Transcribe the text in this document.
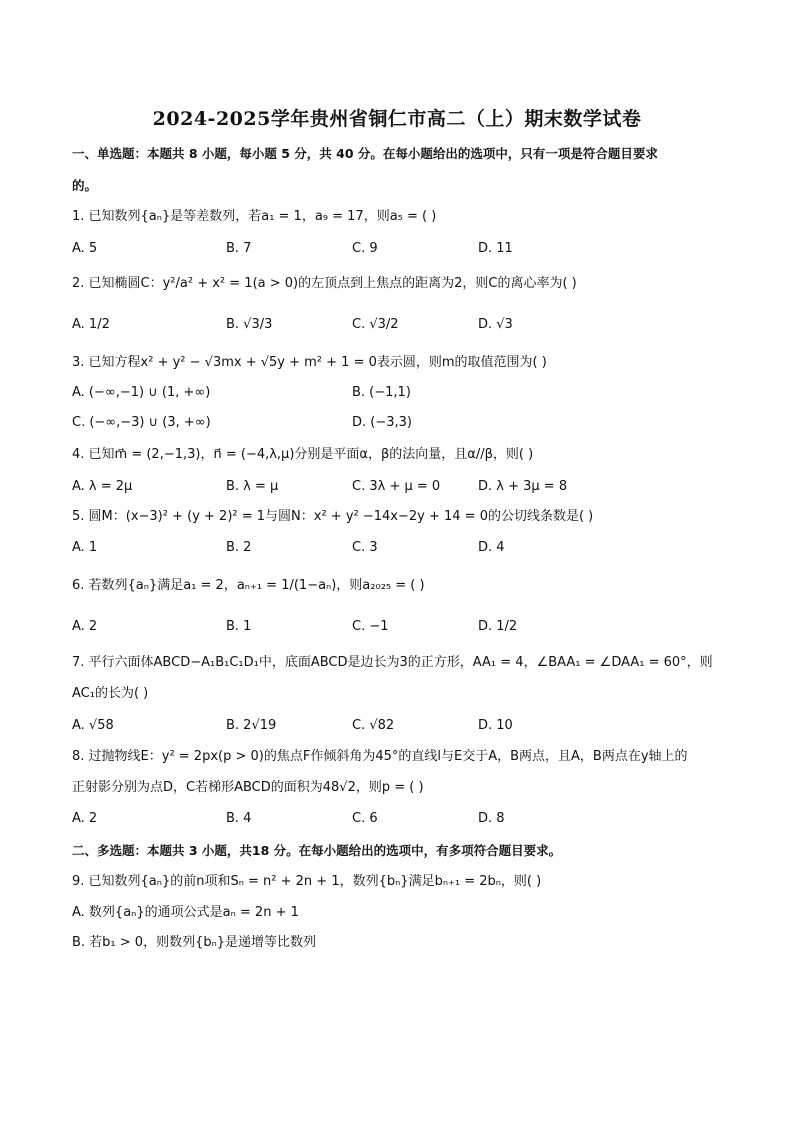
2024-2025学年贵州省铜仁市高二（上）期末数学试卷
一、单选题：本题共 8 小题，每小题 5 分，共 40 分。在每小题给出的选项中，只有一项是符合题目要求
的。
1. 已知数列{aₙ}是等差数列，若a₁ = 1，a₉ = 17，则a₅ = ( )
A. 5	B. 7	C. 9	D. 11
2. 已知椭圆C：y²/a² + x² = 1(a > 0)的左顶点到上焦点的距离为2，则C的离心率为( )
A. 1/2	B. √3/3	C. √3/2	D. √3
3. 已知方程x² + y² − √3mx + √5y + m² + 1 = 0表示圆，则m的取值范围为( )
A. (−∞,−1) ∪ (1, +∞)	B. (−1,1)
C. (−∞,−3) ∪ (3, +∞)	D. (−3,3)
4. 已知m⃗ = (2,−1,3)，n⃗ = (−4,λ,μ)分别是平面α，β的法向量，且α//β，则( )
A. λ = 2μ	B. λ = μ	C. 3λ + μ = 0	D. λ + 3μ = 8
5. 圆M：(x−3)² + (y + 2)² = 1与圆N：x² + y² −14x−2y + 14 = 0的公切线条数是( )
A. 1	B. 2	C. 3	D. 4
6. 若数列{aₙ}满足a₁ = 2，aₙ₊₁ = 1/(1−aₙ)，则a₂₀₂₅ = ( )
A. 2	B. 1	C. −1	D. 1/2
7. 平行六面体ABCD−A₁B₁C₁D₁中，底面ABCD是边长为3的正方形，AA₁ = 4，∠BAA₁ = ∠DAA₁ = 60°，则
AC₁的长为( )
A. √58	B. 2√19	C. √82	D. 10
8. 过抛物线E：y² = 2px(p > 0)的焦点F作倾斜角为45°的直线l与E交于A，B两点，且A，B两点在y轴上的
正射影分别为点D，C若梯形ABCD的面积为48√2，则p = ( )
A. 2	B. 4	C. 6	D. 8
二、多选题：本题共 3 小题，共18 分。在每小题给出的选项中，有多项符合题目要求。
9. 已知数列{aₙ}的前n项和Sₙ = n² + 2n + 1，数列{bₙ}满足bₙ₊₁ = 2bₙ，则( )
A. 数列{aₙ}的通项公式是aₙ = 2n + 1
B. 若b₁ > 0，则数列{bₙ}是递增等比数列
